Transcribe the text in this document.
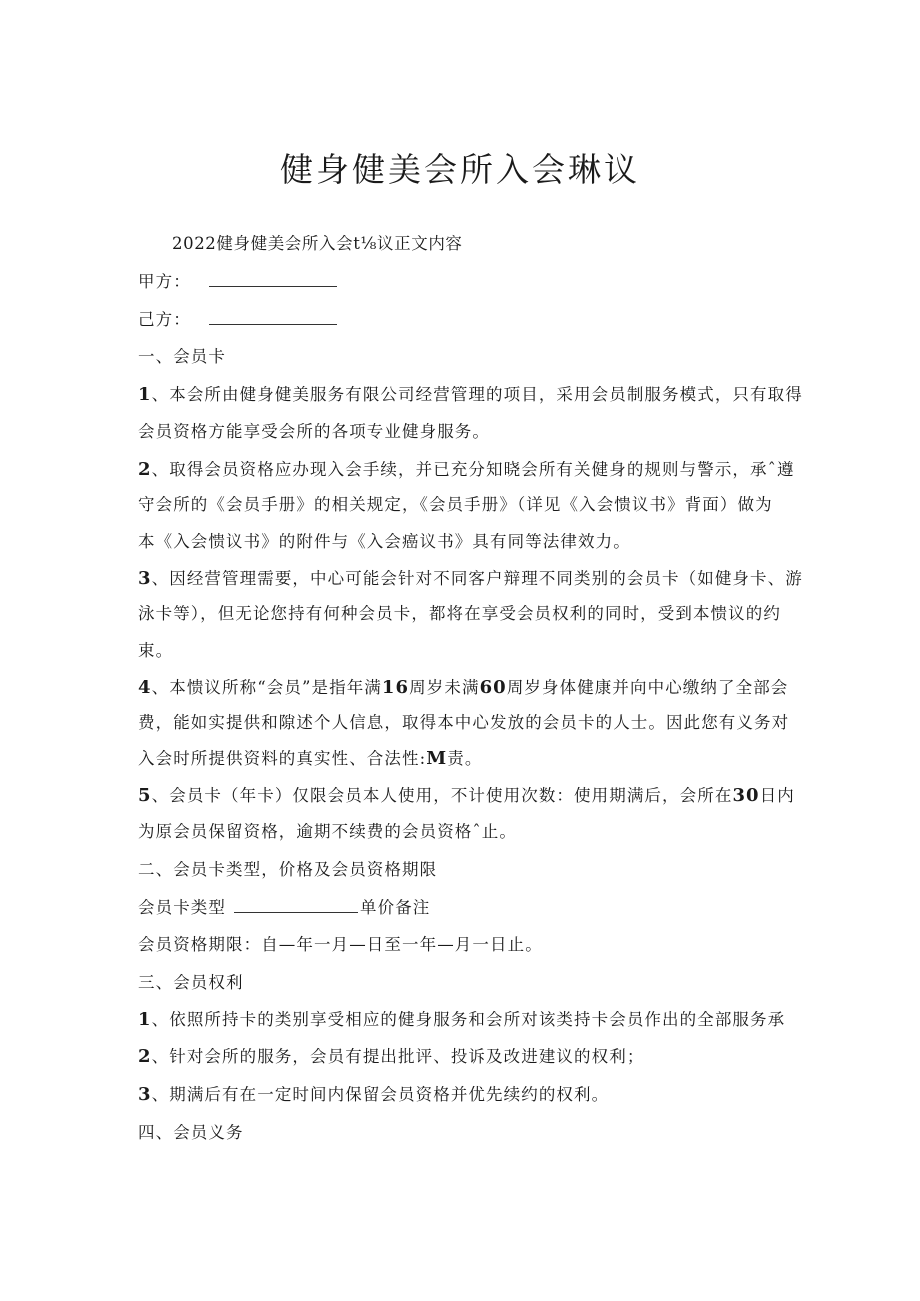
健身健美会所入会琳议
2022健身健美会所入会t⅛议正文内容
甲方：
己方：
一、会员卡
1、本会所由健身健美服务有限公司经营管理的项目，采用会员制服务模式，只有取得
会员资格方能享受会所的各项专业健身服务。
2、取得会员资格应办现入会手续，并已充分知晓会所有关健身的规则与警示，承ˆ遵
守会所的《会员手册》的相关规定，《会员手册》（详见《入会愦议书》背面）做为
本《入会愦议书》的附件与《入会癌议书》具有同等法律效力。
3、因经营管理需要，中心可能会针对不同客户辩理不同类别的会员卡（如健身卡、游
泳卡等），但无论您持有何种会员卡，都将在享受会员权利的同时，受到本愦议的约
束。
4、本愦议所称“会员”是指年满16周岁未满60周岁身体健康并向中心缴纳了全部会
费，能如实提供和隙述个人信息，取得本中心发放的会员卡的人士。因此您有义务对
入会时所提供资料的真实性、合法性:M责。
5、会员卡（年卡）仅限会员本人使用，不计使用次数：使用期满后，会所在30日内
为原会员保留资格，逾期不续费的会员资格ˆ止。
二、会员卡类型，价格及会员资格期限
会员卡类型	单价备注
会员资格期限：自—年一月—日至一年—月一日止。
三、会员权利
1、依照所持卡的类别享受相应的健身服务和会所对该类持卡会员作出的全部服务承
2、针对会所的服务，会员有提出批评、投诉及改进建议的权利；
3、期满后有在一定时间内保留会员资格并优先续约的权利。
四、会员义务
